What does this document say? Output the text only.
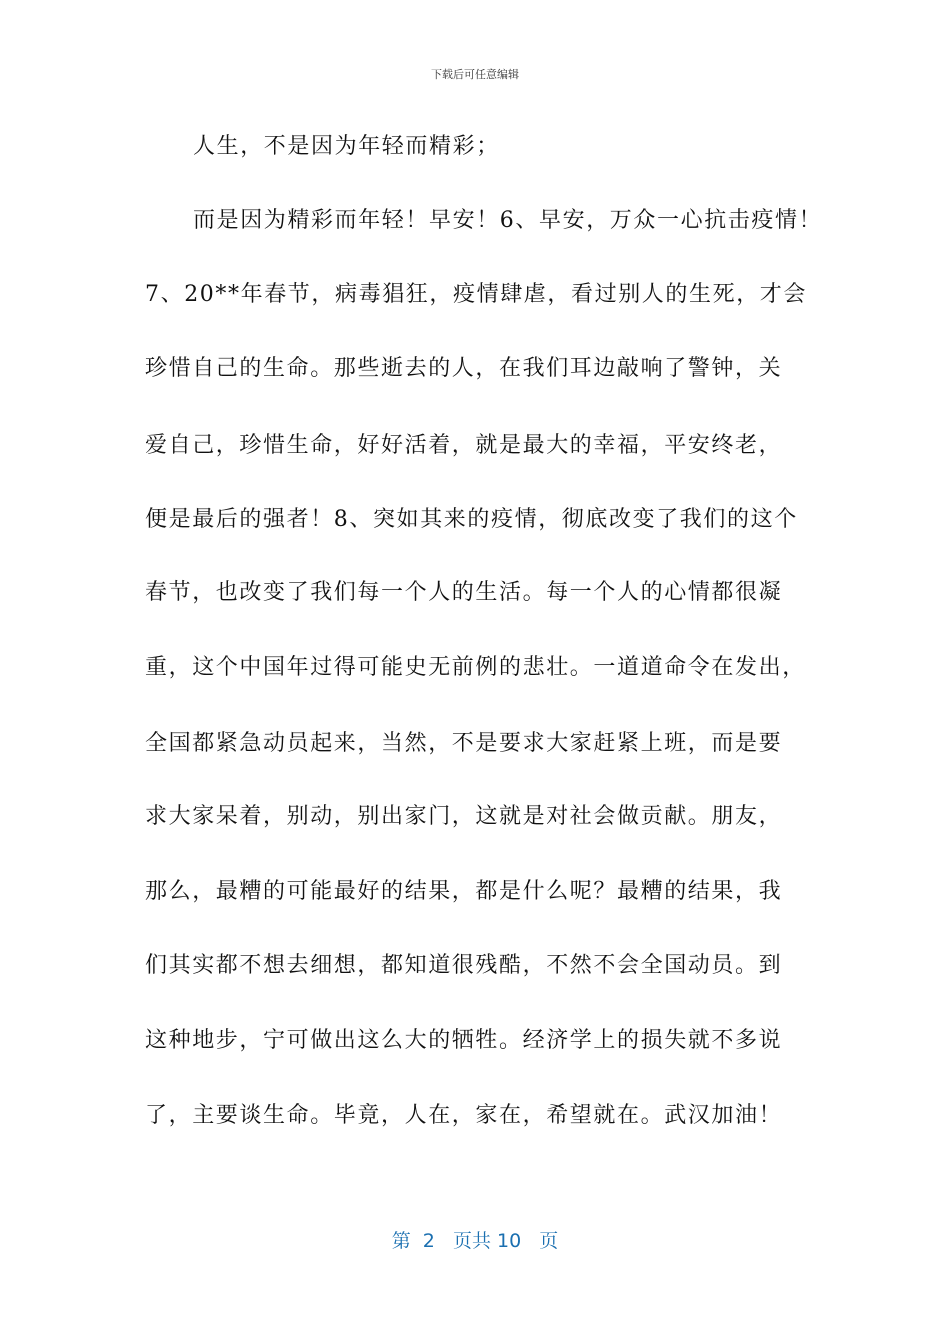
下载后可任意编辑
人生，不是因为年轻而精彩；
而是因为精彩而年轻！早安！6、早安，万众一心抗击疫情！
7、20**年春节，病毒猖狂，疫情肆虐，看过别人的生死，才会
珍惜自己的生命。那些逝去的人，在我们耳边敲响了警钟，关
爱自己，珍惜生命，好好活着，就是最大的幸福，平安终老，
便是最后的强者！8、突如其来的疫情，彻底改变了我们的这个
春节，也改变了我们每一个人的生活。每一个人的心情都很凝
重，这个中国年过得可能史无前例的悲壮。一道道命令在发出，
全国都紧急动员起来，当然，不是要求大家赶紧上班，而是要
求大家呆着，别动，别出家门，这就是对社会做贡献。朋友，
那么，最糟的可能最好的结果，都是什么呢？最糟的结果，我
们其实都不想去细想，都知道很残酷，不然不会全国动员。到
这种地步，宁可做出这么大的牺牲。经济学上的损失就不多说
了，主要谈生命。毕竟，人在，家在，希望就在。武汉加油！
第  2   页共 10   页
